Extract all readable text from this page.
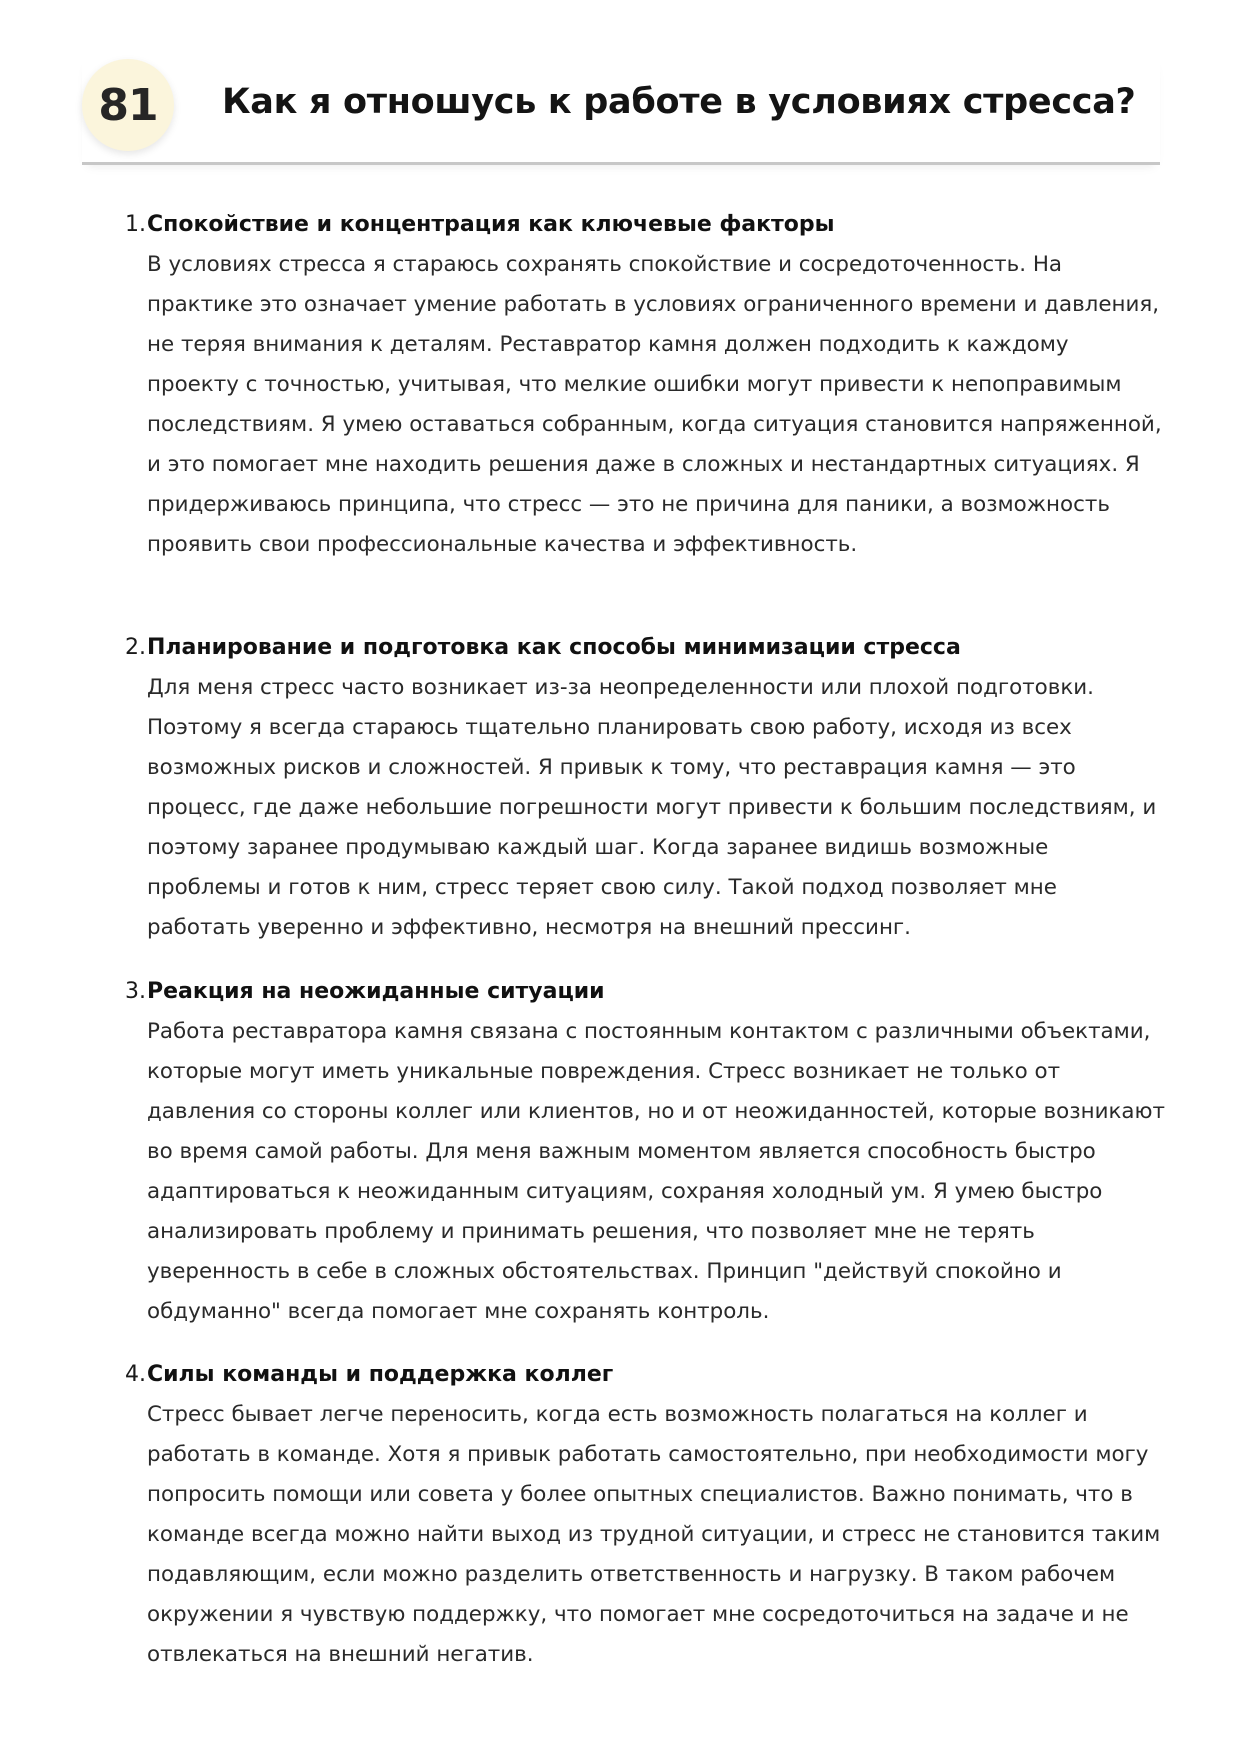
81	Как я отношусь к работе в условиях стресса?
1. Спокойствие и концентрация как ключевые факторы

В условиях стресса я стараюсь сохранять спокойствие и сосредоточенность. На практике это означает умение работать в условиях ограниченного времени и давления, не теряя внимания к деталям. Реставратор камня должен подходить к каждому проекту с точностью, учитывая, что мелкие ошибки могут привести к непоправимым последствиям. Я умею оставаться собранным, когда ситуация становится напряженной, и это помогает мне находить решения даже в сложных и нестандартных ситуациях. Я придерживаюсь принципа, что стресс — это не причина для паники, а возможность проявить свои профессиональные качества и эффективность.

2. Планирование и подготовка как способы минимизации стресса

Для меня стресс часто возникает из-за неопределенности или плохой подготовки. Поэтому я всегда стараюсь тщательно планировать свою работу, исходя из всех возможных рисков и сложностей. Я привык к тому, что реставрация камня — это процесс, где даже небольшие погрешности могут привести к большим последствиям, и поэтому заранее продумываю каждый шаг. Когда заранее видишь возможные проблемы и готов к ним, стресс теряет свою силу. Такой подход позволяет мне работать уверенно и эффективно, несмотря на внешний прессинг.

3. Реакция на неожиданные ситуации

Работа реставратора камня связана с постоянным контактом с различными объектами, которые могут иметь уникальные повреждения. Стресс возникает не только от давления со стороны коллег или клиентов, но и от неожиданностей, которые возникают во время самой работы. Для меня важным моментом является способность быстро адаптироваться к неожиданным ситуациям, сохраняя холодный ум. Я умею быстро анализировать проблему и принимать решения, что позволяет мне не терять уверенность в себе в сложных обстоятельствах. Принцип "действуй спокойно и обдуманно" всегда помогает мне сохранять контроль.

4. Силы команды и поддержка коллег

Стресс бывает легче переносить, когда есть возможность полагаться на коллег и работать в команде. Хотя я привык работать самостоятельно, при необходимости могу попросить помощи или совета у более опытных специалистов. Важно понимать, что в команде всегда можно найти выход из трудной ситуации, и стресс не становится таким подавляющим, если можно разделить ответственность и нагрузку. В таком рабочем окружении я чувствую поддержку, что помогает мне сосредоточиться на задаче и не отвлекаться на внешний негатив.
